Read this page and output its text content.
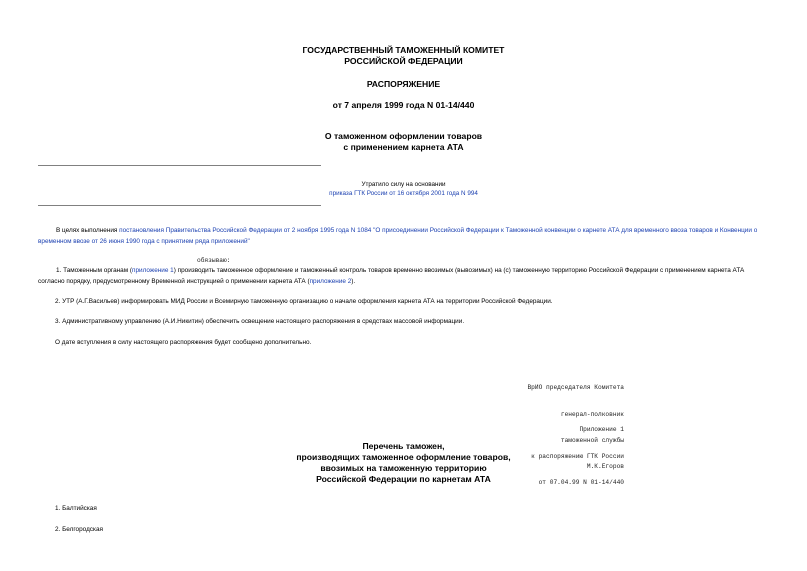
ГОСУДАРСТВЕННЫЙ ТАМОЖЕННЫЙ КОМИТЕТ
РОССИЙСКОЙ ФЕДЕРАЦИИ
РАСПОРЯЖЕНИЕ
от 7 апреля 1999 года N 01-14/440
О таможенном оформлении товаров
с применением карнета АТА
Утратило силу на основании
приказа ГТК России от 16 октября 2001 года N 994
В целях выполнения постановления Правительства Российской Федерации от 2 ноября 1995 года N 1084 "О присоединении Российской Федерации к Таможенной конвенции о карнете АТА для временного ввоза товаров и Конвенции о временном ввозе от 26 июня 1990 года с принятием ряда приложений"
обязываю:
1. Таможенным органам (приложение 1) производить таможенное оформление и таможенный контроль товаров временно ввозимых (вывозимых) на (с) таможенную территорию Российской Федерации с применением карнета АТА согласно порядку, предусмотренному Временной инструкцией о применении карнета АТА (приложение 2).
2. УТР (А.Г.Васильев) информировать МИД России и Всемирную таможенную организацию о начале оформления карнета АТА на территории Российской Федерации.
3. Административному управлению (А.И.Никитин) обеспечить освещение настоящего распоряжения в средствах массовой информации.
О дате вступления в силу настоящего распоряжения будет сообщено дополнительно.

ВрИО председателя Комитета

генерал-полковник

таможенной службы

М.К.Егоров

Приложение 1

к распоряжению ГТК России

от 07.04.99 N 01-14/440

Перечень таможен,
производящих таможенное оформление товаров,
ввозимых на таможенную территорию
Российской Федерации по карнетам АТА
1. Балтийская
2. Белгородская
